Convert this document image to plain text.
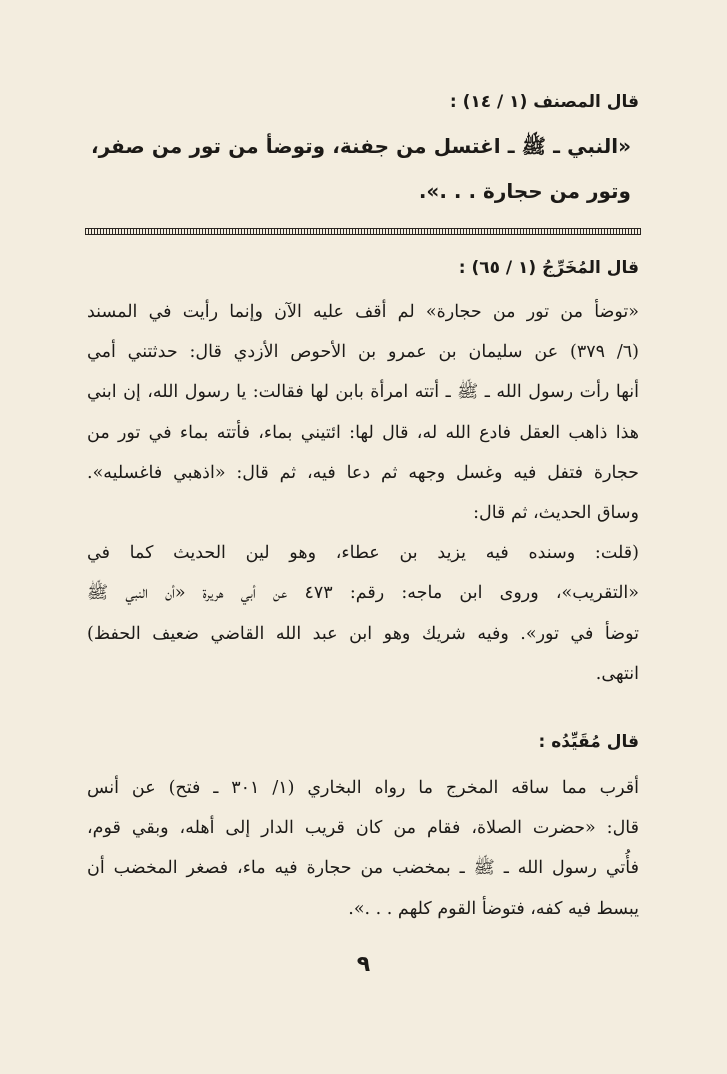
قال المصنف (١ / ١٤) :
«النبي ـ ﷺ ـ اغتسل من جفنة، وتوضأ من تور من صفر،
وتور من حجارة . . .».
قال المُخَرِّجُ (١ / ٦٥) :
«توضأ من تور من حجارة» لم أقف عليه الآن وإنما رأيت في المسند
(٦/ ٣٧٩) عن سليمان بن عمرو بن الأحوص الأزدي قال: حدثتني أمي
أنها رأت رسول الله ـ ﷺ ـ أتته امرأة بابن لها فقالت: يا رسول الله، إن ابني
هذا ذاهب العقل فادع الله له، قال لها: ائتيني بماء، فأتته بماء في تور من
حجارة فتفل فيه وغسل وجهه ثم دعا فيه، ثم قال: «اذهبي فاغسليه».
وساق الحديث، ثم قال:
(قلت: وسنده فيه يزيد بن عطاء، وهو لين الحديث كما في
«التقريب»، وروى ابن ماجه: رقم: ٤٧٣ عن أبي هريرة «أن النبي ﷺ
توضأ في تور». وفيه شريك وهو ابن عبد الله القاضي ضعيف الحفظ)
انتهى.
قال مُقَيِّدُه :
أقرب مما ساقه المخرج ما رواه البخاري (١/ ٣٠١ ـ فتح) عن أنس
قال: «حضرت الصلاة، فقام من كان قريب الدار إلى أهله، وبقي قوم،
فأُتي رسول الله ـ ﷺ ـ بمخضب من حجارة فيه ماء، فصغر المخضب أن
يبسط فيه كفه، فتوضأ القوم كلهم . . .».
٩
